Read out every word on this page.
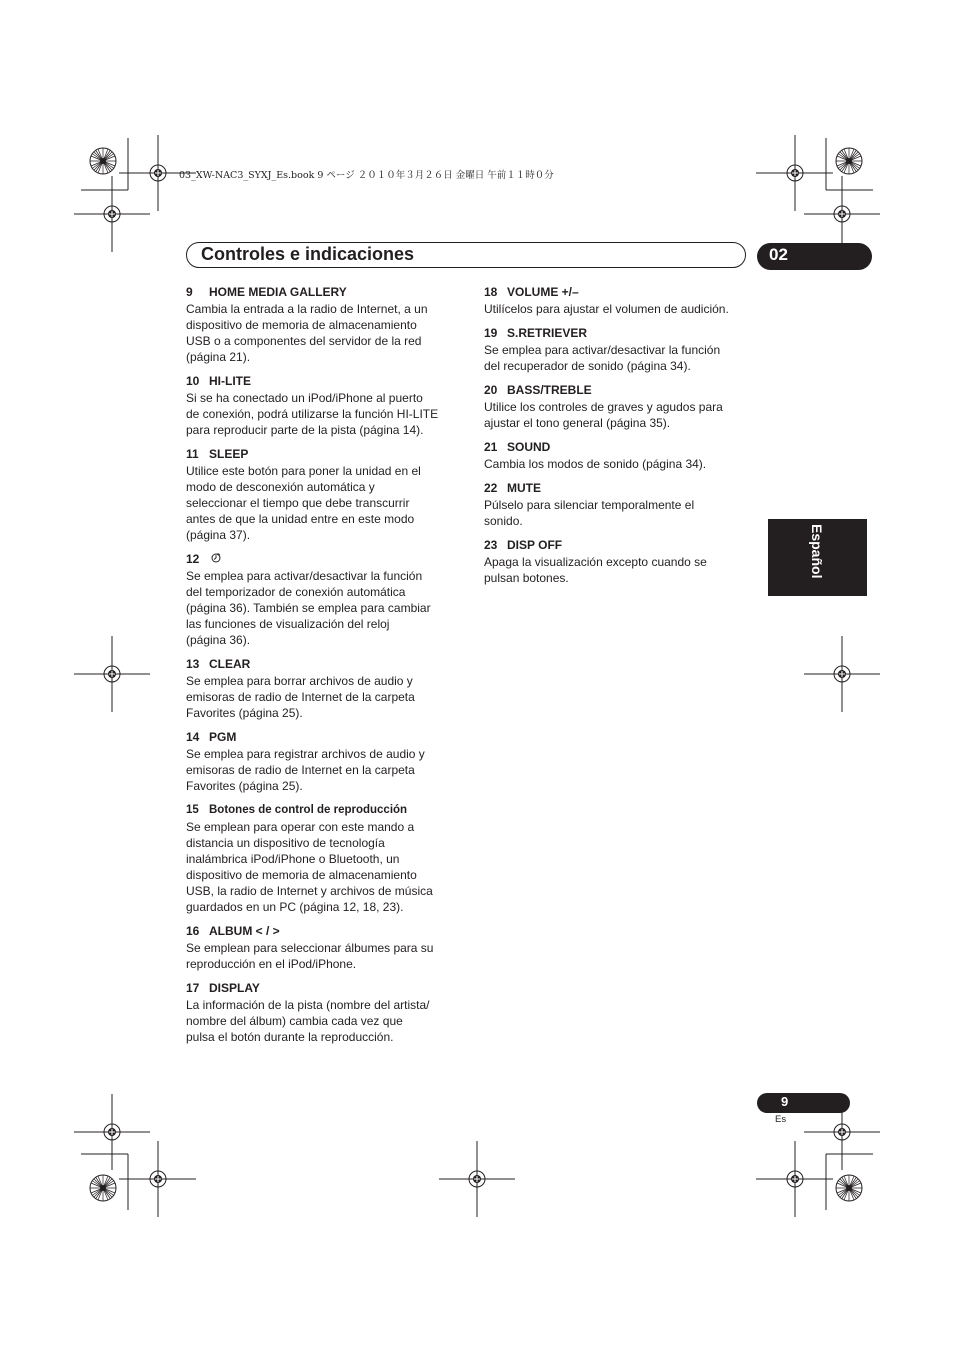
03_XW-NAC3_SYXJ_Es.book 9 ページ ２０１０年３月２６日 金曜日 午前１１時０分
Controles e indicaciones	02
Español
9 HOME MEDIA GALLERY
Cambia la entrada a la radio de Internet, a un
dispositivo de memoria de almacenamiento
USB o a componentes del servidor de la red
(página 21).
10 HI-LITE
Si se ha conectado un iPod/iPhone al puerto
de conexión, podrá utilizarse la función HI-LITE
para reproducir parte de la pista (página 14).
11 SLEEP
Utilice este botón para poner la unidad en el
modo de desconexión automática y
seleccionar el tiempo que debe transcurrir
antes de que la unidad entre en este modo
(página 37).
12
Se emplea para activar/desactivar la función
del temporizador de conexión automática
(página 36). También se emplea para cambiar
las funciones de visualización del reloj
(página 36).
13 CLEAR
Se emplea para borrar archivos de audio y
emisoras de radio de Internet de la carpeta
Favorites (página 25).
14 PGM
Se emplea para registrar archivos de audio y
emisoras de radio de Internet en la carpeta
Favorites (página 25).
15 Botones de control de reproducción
Se emplean para operar con este mando a
distancia un dispositivo de tecnología
inalámbrica iPod/iPhone o Bluetooth, un
dispositivo de memoria de almacenamiento
USB, la radio de Internet y archivos de música
guardados en un PC (página 12, 18, 23).
16 ALBUM < / >
Se emplean para seleccionar álbumes para su
reproducción en el iPod/iPhone.
17 DISPLAY
La información de la pista (nombre del artista/
nombre del álbum) cambia cada vez que
pulsa el botón durante la reproducción.
18 VOLUME +/–
Utilícelos para ajustar el volumen de audición.
19 S.RETRIEVER
Se emplea para activar/desactivar la función
del recuperador de sonido (página 34).
20 BASS/TREBLE
Utilice los controles de graves y agudos para
ajustar el tono general (página 35).
21 SOUND
Cambia los modos de sonido (página 34).
22 MUTE
Púlselo para silenciar temporalmente el
sonido.
23 DISP OFF
Apaga la visualización excepto cuando se
pulsan botones.
9
Es
